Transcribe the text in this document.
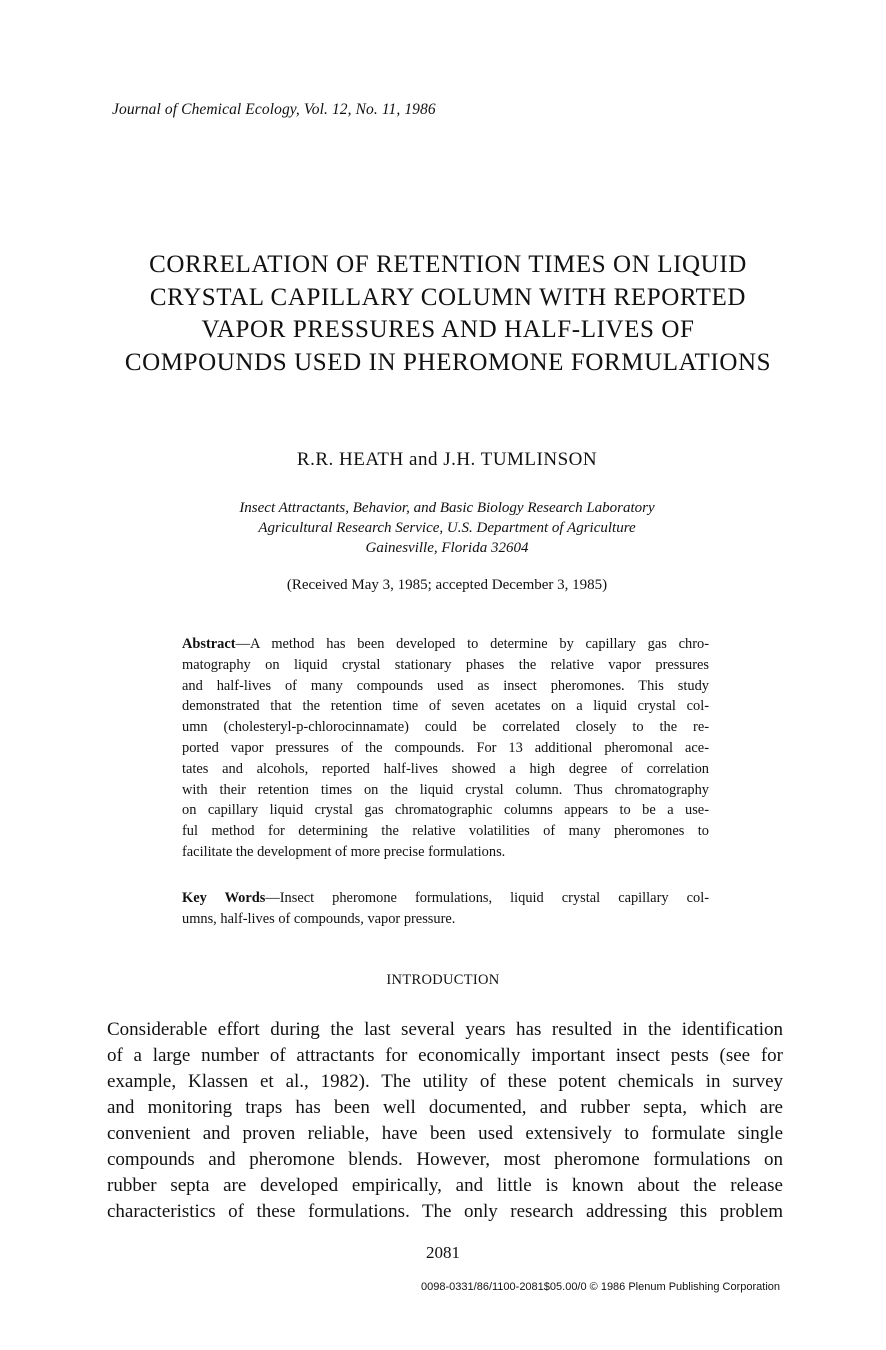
Journal of Chemical Ecology, Vol. 12, No. 11, 1986
CORRELATION OF RETENTION TIMES ON LIQUID
CRYSTAL CAPILLARY COLUMN WITH REPORTED
VAPOR PRESSURES AND HALF-LIVES OF
COMPOUNDS USED IN PHEROMONE FORMULATIONS
R.R. HEATH and J.H. TUMLINSON
Insect Attractants, Behavior, and Basic Biology Research Laboratory
Agricultural Research Service, U.S. Department of Agriculture
Gainesville, Florida 32604
(Received May 3, 1985; accepted December 3, 1985)
Abstract—A method has been developed to determine by capillary gas chro-
matography on liquid crystal stationary phases the relative vapor pressures
and half-lives of many compounds used as insect pheromones. This study
demonstrated that the retention time of seven acetates on a liquid crystal col-
umn (cholesteryl-p-chlorocinnamate) could be correlated closely to the re-
ported vapor pressures of the compounds. For 13 additional pheromonal ace-
tates and alcohols, reported half-lives showed a high degree of correlation
with their retention times on the liquid crystal column. Thus chromatography
on capillary liquid crystal gas chromatographic columns appears to be a use-
ful method for determining the relative volatilities of many pheromones to
facilitate the development of more precise formulations.
Key Words—Insect pheromone formulations, liquid crystal capillary col-
umns, half-lives of compounds, vapor pressure.
INTRODUCTION
Considerable effort during the last several years has resulted in the identification
of a large number of attractants for economically important insect pests (see for
example, Klassen et al., 1982). The utility of these potent chemicals in survey
and monitoring traps has been well documented, and rubber septa, which are
convenient and proven reliable, have been used extensively to formulate single
compounds and pheromone blends. However, most pheromone formulations on
rubber septa are developed empirically, and little is known about the release
characteristics of these formulations. The only research addressing this problem
2081
0098-0331/86/1100-2081$05.00/0 © 1986 Plenum Publishing Corporation
